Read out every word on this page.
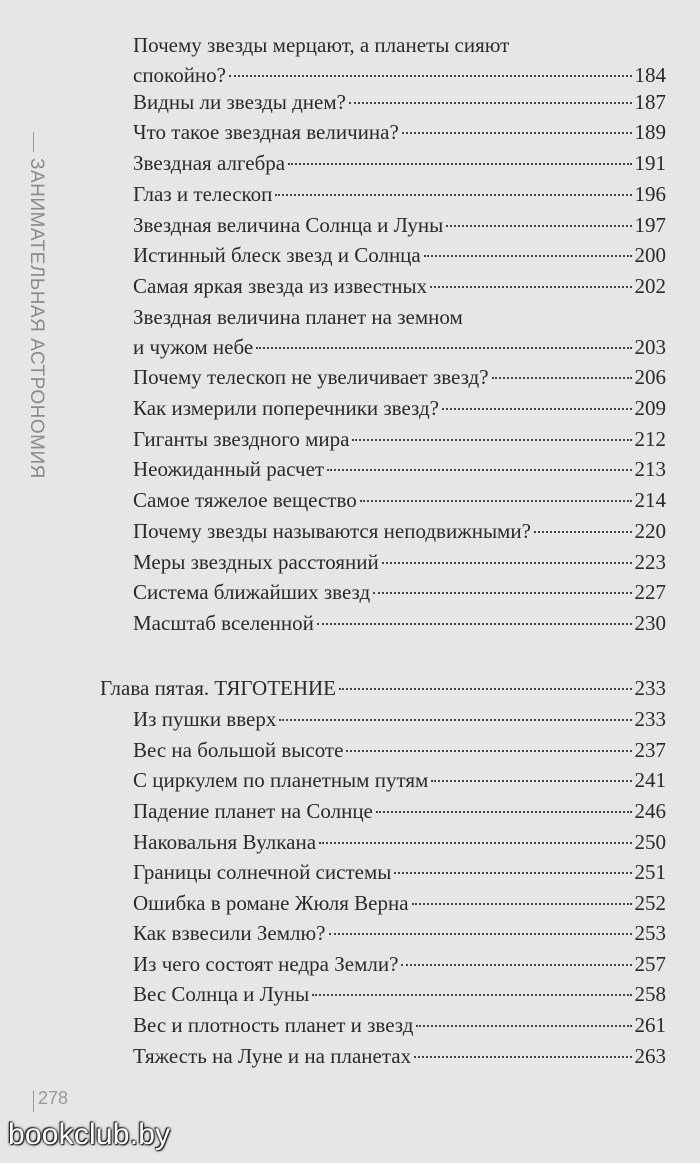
ЗАНИМАТЕЛЬНАЯ АСТРОНОМИЯ
Почему звезды мерцают, а планеты сияют
спокойно?	184
Видны ли звезды днем?	187
Что такое звездная величина?	189
Звездная алгебра	191
Глаз и телескоп	196
Звездная величина Солнца и Луны	197
Истинный блеск звезд и Солнца	200
Самая яркая звезда из известных	202
Звездная величина планет на земном
и чужом небе	203
Почему телескоп не увеличивает звезд?	206
Как измерили поперечники звезд?	209
Гиганты звездного мира	212
Неожиданный расчет	213
Самое тяжелое вещество	214
Почему звезды называются неподвижными?	220
Меры звездных расстояний	223
Система ближайших звезд	227
Масштаб вселенной	230
Глава пятая. ТЯГОТЕНИЕ	233
Из пушки вверх	233
Вес на большой высоте	237
С циркулем по планетным путям	241
Падение планет на Солнце	246
Наковальня Вулкана	250
Границы солнечной системы	251
Ошибка в романе Жюля Верна	252
Как взвесили Землю?	253
Из чего состоят недра Земли?	257
Вес Солнца и Луны	258
Вес и плотность планет и звезд	261
Тяжесть на Луне и на планетах	263
278
bookclub.by
